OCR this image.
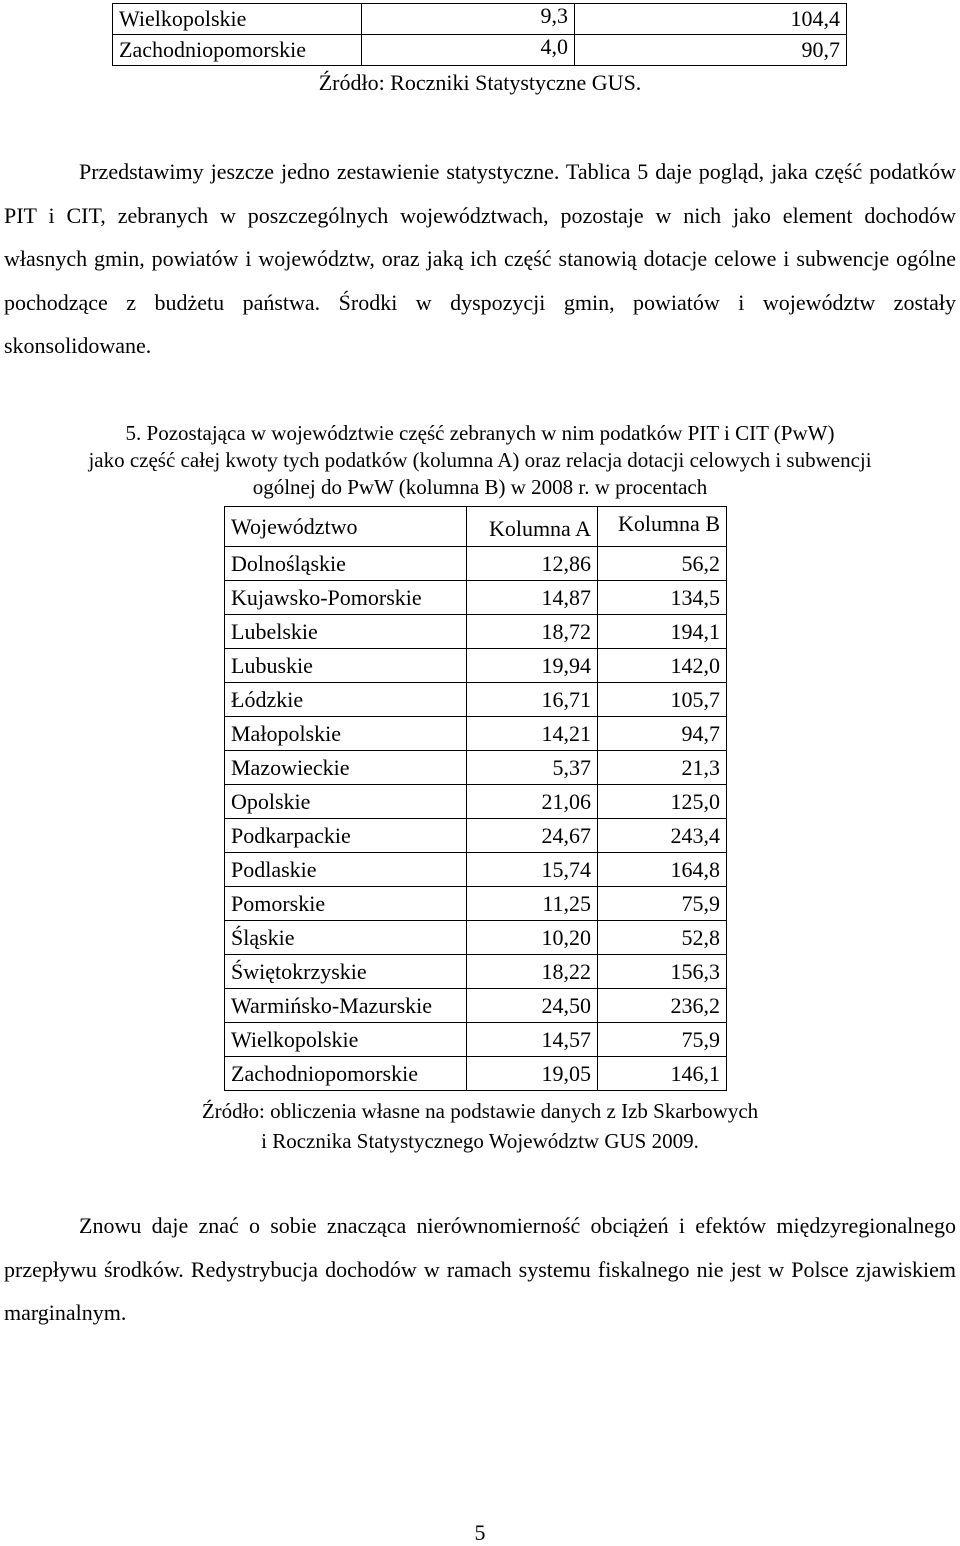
Wielkopolskie	9,3	104,4
Zachodniopomorskie	4,0	90,7
Źródło: Roczniki Statystyczne GUS.

Przedstawimy jeszcze jedno zestawienie statystyczne. Tablica 5 daje pogląd, jaka część podatków PIT i CIT, zebranych w poszczególnych województwach, pozostaje w nich jako element dochodów własnych gmin, powiatów i województw, oraz jaką ich część stanowią dotacje celowe i subwencje ogólne pochodzące z budżetu państwa. Środki w dyspozycji gmin, powiatów i województw zostały skonsolidowane.

5. Pozostająca w województwie część zebranych w nim podatków PIT i CIT (PwW)
jako część całej kwoty tych podatków (kolumna A) oraz relacja dotacji celowych i subwencji
ogólnej do PwW (kolumna B) w 2008 r. w procentach
Województwo	Kolumna A	Kolumna B
Dolnośląskie	12,86	56,2
Kujawsko-Pomorskie	14,87	134,5
Lubelskie	18,72	194,1
Lubuskie	19,94	142,0
Łódzkie	16,71	105,7
Małopolskie	14,21	94,7
Mazowieckie	5,37	21,3
Opolskie	21,06	125,0
Podkarpackie	24,67	243,4
Podlaskie	15,74	164,8
Pomorskie	11,25	75,9
Śląskie	10,20	52,8
Świętokrzyskie	18,22	156,3
Warmińsko-Mazurskie	24,50	236,2
Wielkopolskie	14,57	75,9
Zachodniopomorskie	19,05	146,1
Źródło: obliczenia własne na podstawie danych z Izb Skarbowych
i Rocznika Statystycznego Województw GUS 2009.

Znowu daje znać o sobie znacząca nierównomierność obciążeń i efektów międzyregionalnego przepływu środków. Redystrybucja dochodów w ramach systemu fiskalnego nie jest w Polsce zjawiskiem marginalnym.

5
